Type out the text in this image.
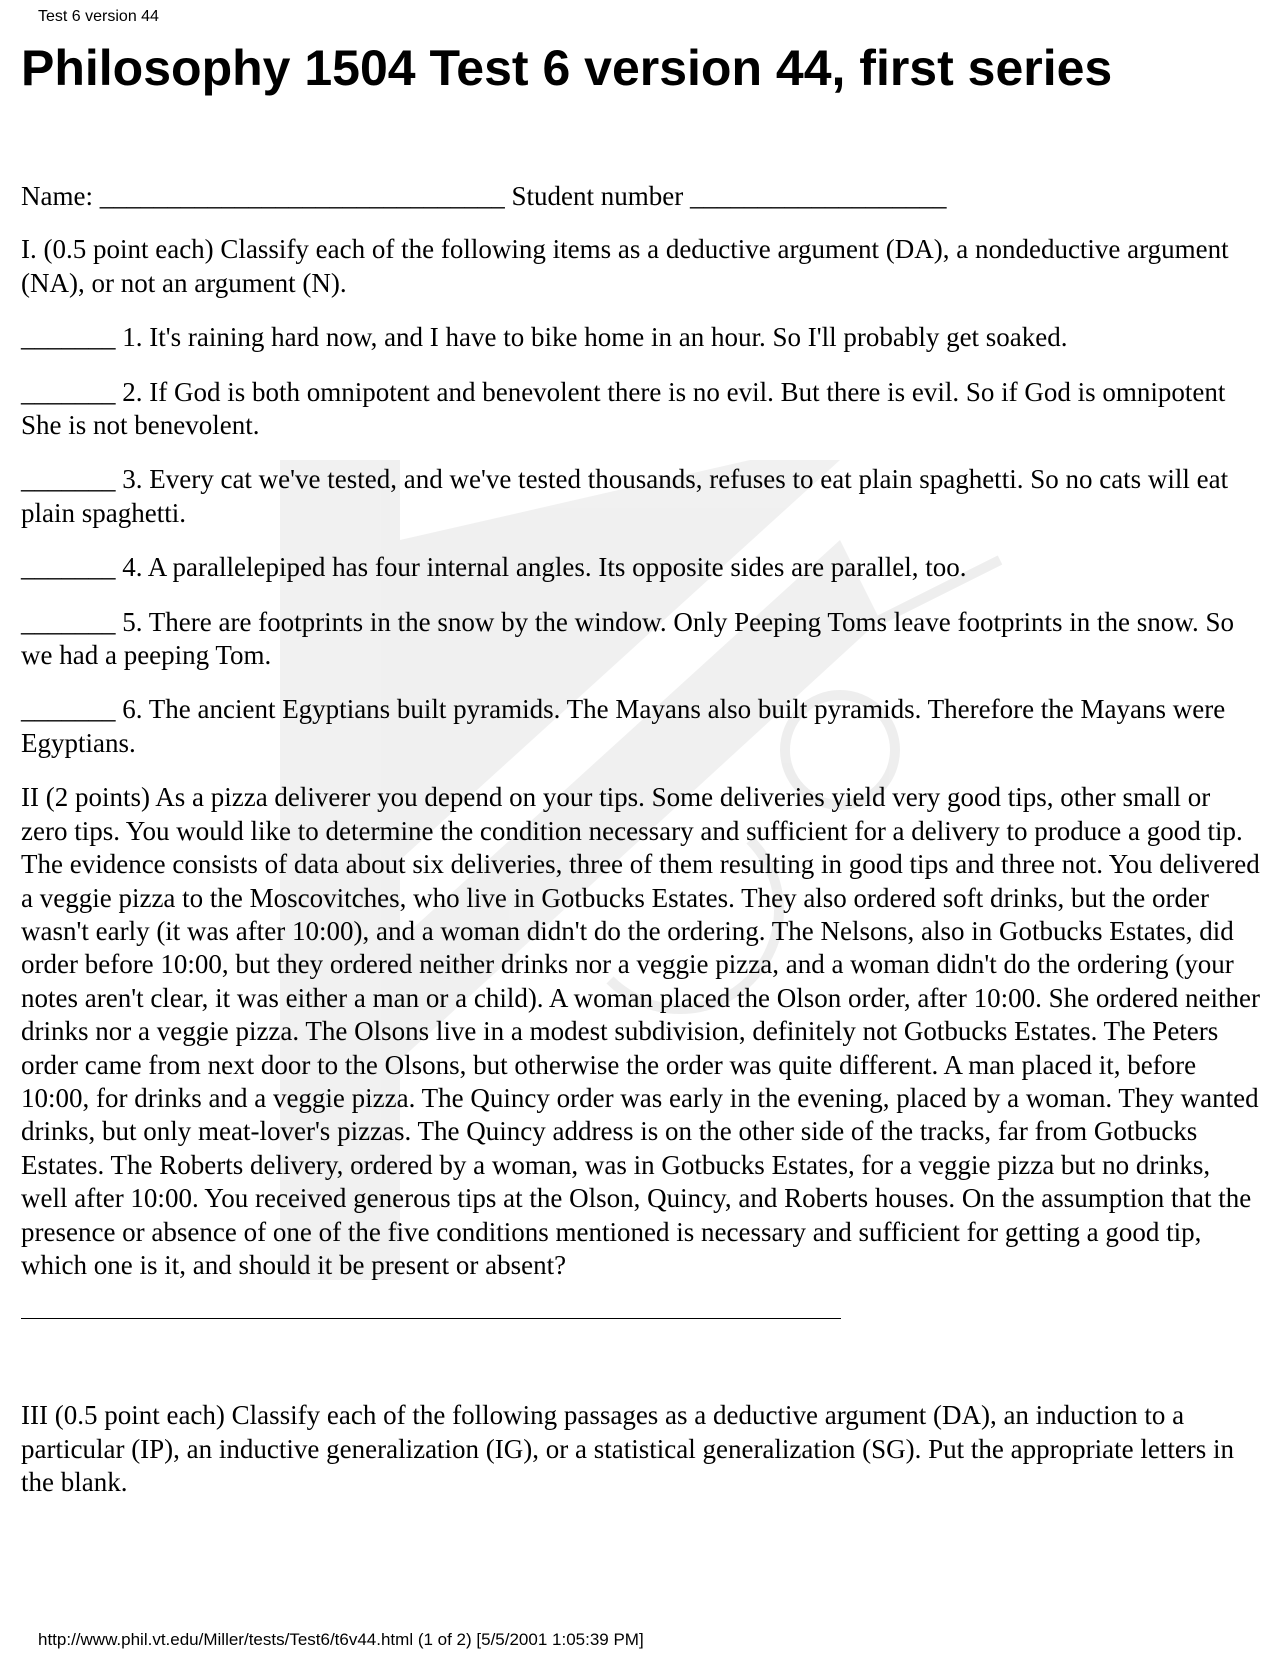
Test 6 version 44
Philosophy 1504 Test 6 version 44, first series

Name: ______________________________ Student number ___________________

I. (0.5 point each) Classify each of the following items as a deductive argument (DA), a nondeductive argument (NA), or not an argument (N).

_______ 1. It's raining hard now, and I have to bike home in an hour. So I'll probably get soaked.

_______ 2. If God is both omnipotent and benevolent there is no evil. But there is evil. So if God is omnipotent She is not benevolent.

_______ 3. Every cat we've tested, and we've tested thousands, refuses to eat plain spaghetti. So no cats will eat plain spaghetti.

_______ 4. A parallelepiped has four internal angles. Its opposite sides are parallel, too.

_______ 5. There are footprints in the snow by the window. Only Peeping Toms leave footprints in the snow. So we had a peeping Tom.

_______ 6. The ancient Egyptians built pyramids. The Mayans also built pyramids. Therefore the Mayans were Egyptians.

II (2 points) As a pizza deliverer you depend on your tips. Some deliveries yield very good tips, other small or zero tips. You would like to determine the condition necessary and sufficient for a delivery to produce a good tip. The evidence consists of data about six deliveries, three of them resulting in good tips and three not. You delivered a veggie pizza to the Moscovitches, who live in Gotbucks Estates. They also ordered soft drinks, but the order wasn't early (it was after 10:00), and a woman didn't do the ordering. The Nelsons, also in Gotbucks Estates, did order before 10:00, but they ordered neither drinks nor a veggie pizza, and a woman didn't do the ordering (your notes aren't clear, it was either a man or a child). A woman placed the Olson order, after 10:00. She ordered neither drinks nor a veggie pizza. The Olsons live in a modest subdivision, definitely not Gotbucks Estates. The Peters order came from next door to the Olsons, but otherwise the order was quite different. A man placed it, before 10:00, for drinks and a veggie pizza. The Quincy order was early in the evening, placed by a woman. They wanted drinks, but only meat-lover's pizzas. The Quincy address is on the other side of the tracks, far from Gotbucks Estates. The Roberts delivery, ordered by a woman, was in Gotbucks Estates, for a veggie pizza but no drinks, well after 10:00. You received generous tips at the Olson, Quincy, and Roberts houses. On the assumption that the presence or absence of one of the five conditions mentioned is necessary and sufficient for getting a good tip, which one is it, and should it be present or absent?

III (0.5 point each) Classify each of the following passages as a deductive argument (DA), an induction to a particular (IP), an inductive generalization (IG), or a statistical generalization (SG). Put the appropriate letters in the blank.

http://www.phil.vt.edu/Miller/tests/Test6/t6v44.html (1 of 2) [5/5/2001 1:05:39 PM]
